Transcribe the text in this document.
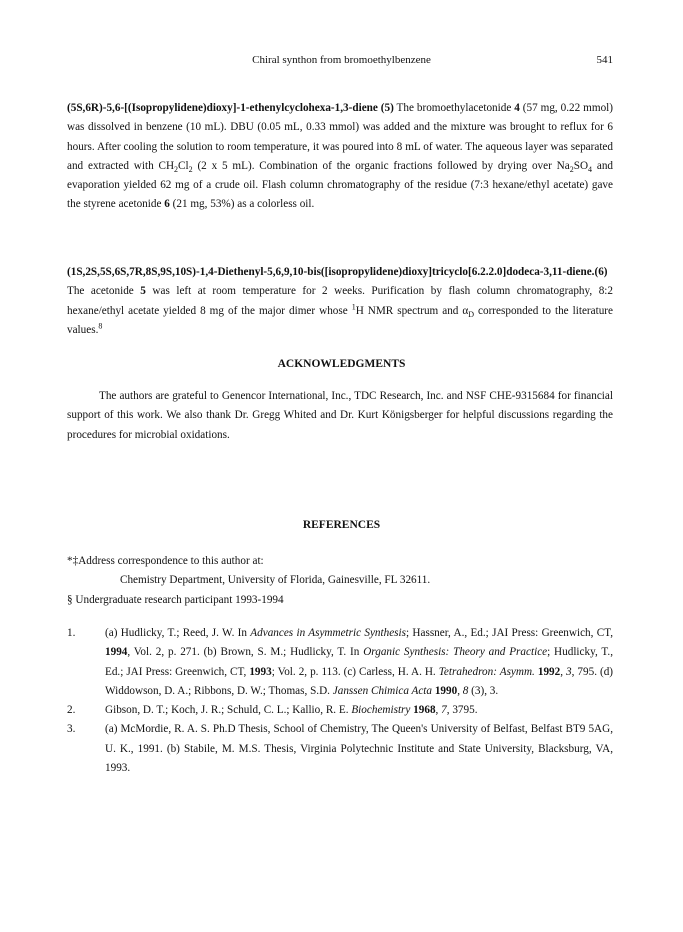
Chiral synthon from bromoethylbenzene	541

(5S,6R)-5,6-[(Isopropylidene)dioxy]-1-ethenylcyclohexa-1,3-diene (5) The bromoethylacetonide 4 (57 mg, 0.22 mmol) was dissolved in benzene (10 mL). DBU (0.05 mL, 0.33 mmol) was added and the mixture was brought to reflux for 6 hours. After cooling the solution to room temperature, it was poured into 8 mL of water. The aqueous layer was separated and extracted with $CH_2Cl_2$ (2 x 5 mL). Combination of the organic fractions followed by drying over $Na_2SO_4$ and evaporation yielded 62 mg of a crude oil. Flash column chromatography of the residue (7:3 hexane/ethyl acetate) gave the styrene acetonide 6 (21 mg, 53%) as a colorless oil.

(1S,2S,5S,6S,7R,8S,9S,10S)-1,4-Diethenyl-5,6,9,10-bis([isopropylidene)dioxy]tricyclo[6.2.2.0]dodeca-3,11-diene.(6) The acetonide 5 was left at room temperature for 2 weeks. Purification by flash column chromatography, 8:2 hexane/ethyl acetate yielded 8 mg of the major dimer whose $^1$H NMR spectrum and $\alpha_D$ corresponded to the literature values.$^8$

ACKNOWLEDGMENTS
The authors are grateful to Genencor International, Inc., TDC Research, Inc. and NSF CHE-9315684 for financial support of this work. We also thank Dr. Gregg Whited and Dr. Kurt Königsberger for helpful discussions regarding the procedures for microbial oxidations.
REFERENCES
*‡Address correspondence to this author at:
Chemistry Department, University of Florida, Gainesville, FL 32611.
§ Undergraduate research participant 1993-1994
1.	(a) Hudlicky, T.; Reed, J. W. In Advances in Asymmetric Synthesis; Hassner, A., Ed.; JAI Press: Greenwich, CT, 1994, Vol. 2, p. 271. (b) Brown, S. M.; Hudlicky, T. In Organic Synthesis: Theory and Practice; Hudlicky, T., Ed.; JAI Press: Greenwich, CT, 1993; Vol. 2, p. 113. (c) Carless, H. A. H. Tetrahedron: Asymm. 1992, 3, 795. (d) Widdowson, D. A.; Ribbons, D. W.; Thomas, S.D. Janssen Chimica Acta 1990, 8 (3), 3.
2.	Gibson, D. T.; Koch, J. R.; Schuld, C. L.; Kallio, R. E. Biochemistry 1968, 7, 3795.
3.	(a) McMordie, R. A. S. Ph.D Thesis, School of Chemistry, The Queen's University of Belfast, Belfast BT9 5AG, U. K., 1991. (b) Stabile, M. M.S. Thesis, Virginia Polytechnic Institute and State University, Blacksburg, VA, 1993.
